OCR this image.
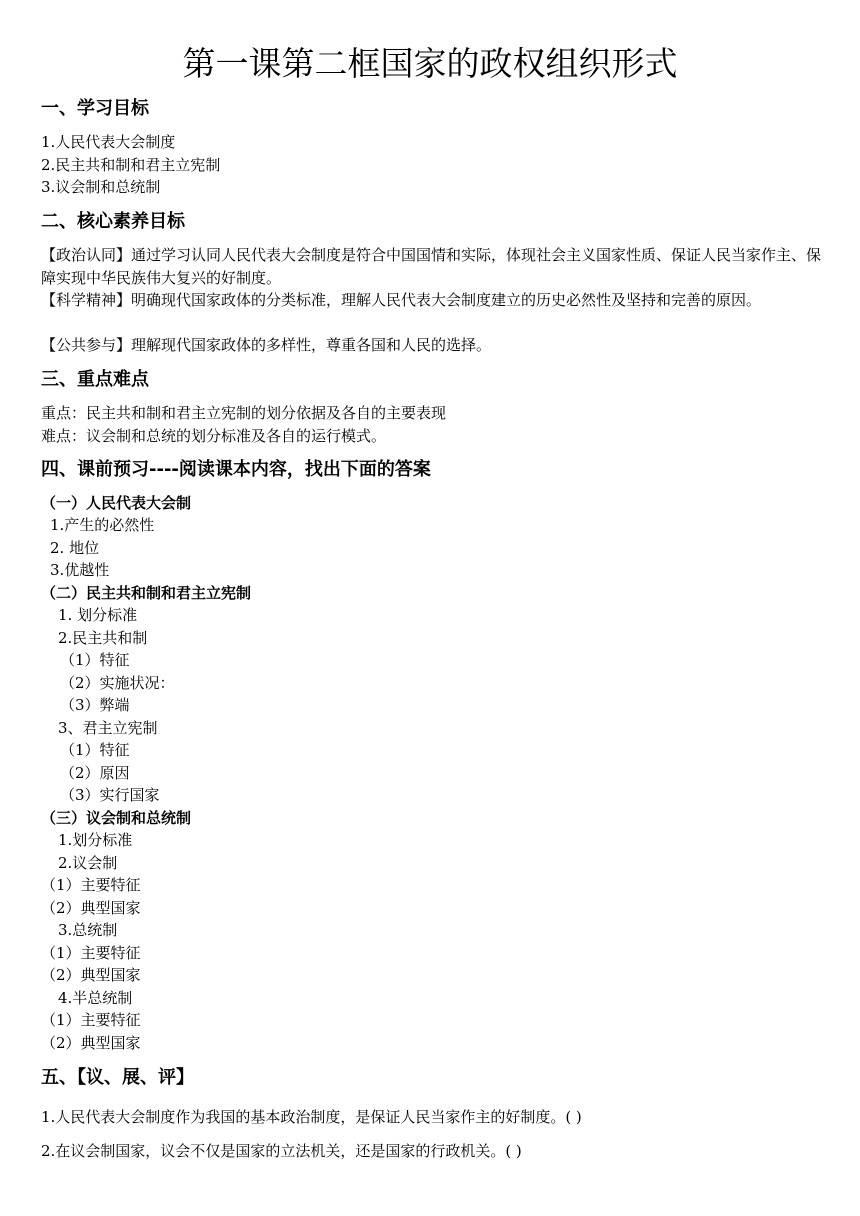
第一课第二框国家的政权组织形式
一、学习目标
1.人民代表大会制度
2.民主共和制和君主立宪制
3.议会制和总统制
二、核心素养目标
【政治认同】通过学习认同人民代表大会制度是符合中国国情和实际，体现社会主义国家性质、保证人民当家作主、保障实现中华民族伟大复兴的好制度。
【科学精神】明确现代国家政体的分类标准，理解人民代表大会制度建立的历史必然性及坚持和完善的原因。
【公共参与】理解现代国家政体的多样性，尊重各国和人民的选择。
三、重点难点
重点：民主共和制和君主立宪制的划分依据及各自的主要表现
难点：议会制和总统的划分标准及各自的运行模式。
四、课前预习----阅读课本内容，找出下面的答案
（一）人民代表大会制
1.产生的必然性
2. 地位
3.优越性
（二）民主共和制和君主立宪制
1. 划分标准
2.民主共和制
（1）特征
（2）实施状况：
（3）弊端
3、君主立宪制
（1）特征
（2）原因
（3）实行国家
（三）议会制和总统制
1.划分标准
2.议会制
（1）主要特征
（2）典型国家
3.总统制
（1）主要特征
（2）典型国家
4.半总统制
（1）主要特征
（2）典型国家
五、【议、展、评】
1.人民代表大会制度作为我国的基本政治制度，是保证人民当家作主的好制度。( )
2.在议会制国家，议会不仅是国家的立法机关，还是国家的行政机关。( )
